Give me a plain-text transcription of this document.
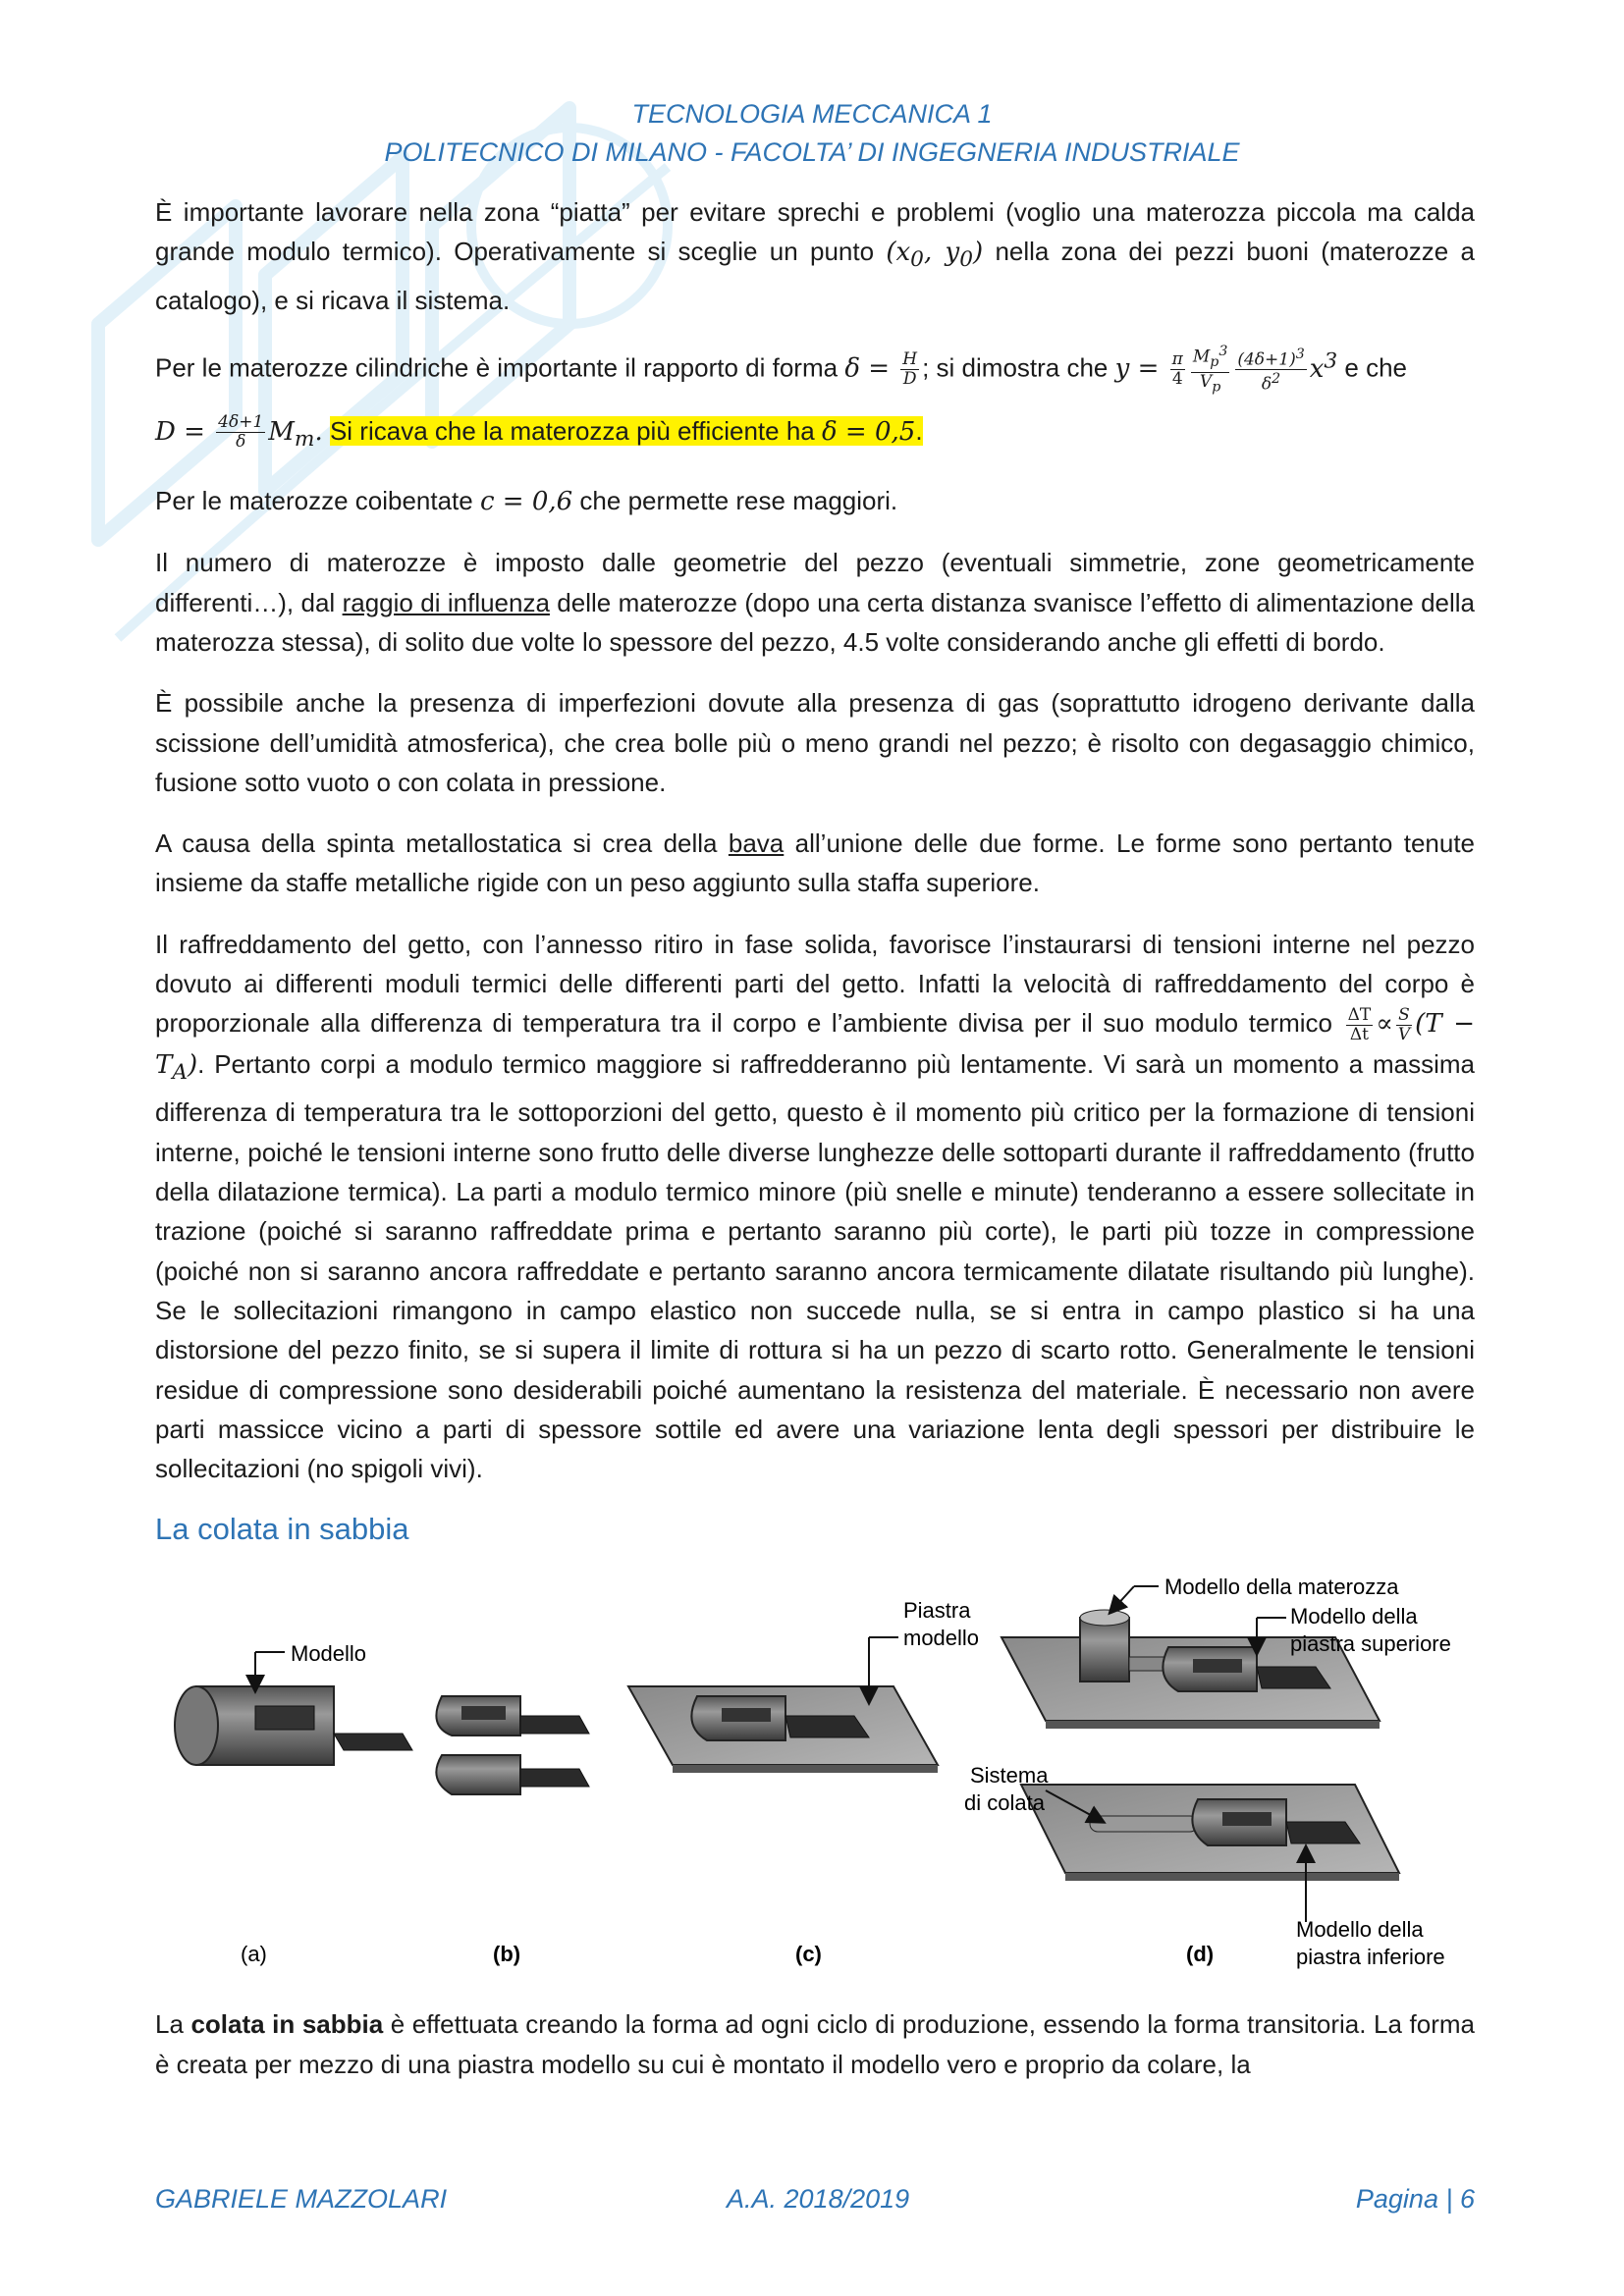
TECNOLOGIA MECCANICA 1
POLITECNICO DI MILANO - FACOLTA’ DI INGEGNERIA INDUSTRIALE

È importante lavorare nella zona “piatta” per evitare sprechi e problemi (voglio una materozza piccola ma calda grande modulo termico). Operativamente si sceglie un punto ($x_0$, $y_0$) nella zona dei pezzi buoni (materozze a catalogo), e si ricava il sistema.

Per le materozze cilindriche è importante il rapporto di forma $\delta = \frac{H}{D}$ ; si dimostra che $y = \frac{\pi}{4} \frac{M_p^3}{V_p} \frac{(4\delta+1)^3}{\delta^2} x^3$ e che

$D = \frac{4\delta+1}{\delta} M_m$. Si ricava che la materozza più efficiente ha δ = 0,5.

Per le materozze coibentate c = 0,6 che permette rese maggiori.

Il numero di materozze è imposto dalle geometrie del pezzo (eventuali simmetrie, zone geometricamente differenti…), dal raggio di influenza delle materozze (dopo una certa distanza svanisce l’effetto di alimentazione della materozza stessa), di solito due volte lo spessore del pezzo, 4.5 volte considerando anche gli effetti di bordo.

È possibile anche la presenza di imperfezioni dovute alla presenza di gas (soprattutto idrogeno derivante dalla scissione dell’umidità atmosferica), che crea bolle più o meno grandi nel pezzo; è risolto con degasaggio chimico, fusione sotto vuoto o con colata in pressione.

A causa della spinta metallostatica si crea della bava all’unione delle due forme. Le forme sono pertanto tenute insieme da staffe metalliche rigide con un peso aggiunto sulla staffa superiore.

Il raffreddamento del getto, con l’annesso ritiro in fase solida, favorisce l’instaurarsi di tensioni interne nel pezzo dovuto ai differenti moduli termici delle differenti parti del getto. Infatti la velocità di raffreddamento del corpo è proporzionale alla differenza di temperatura tra il corpo e l’ambiente divisa per il suo modulo termico $\frac{\Delta T}{\Delta t} \propto \frac{S}{V} (T - T_A)$. Pertanto corpi a modulo termico maggiore si raffredderanno più lentamente. Vi sarà un momento a massima differenza di temperatura tra le sottoporzioni del getto, questo è il momento più critico per la formazione di tensioni interne, poiché le tensioni interne sono frutto delle diverse lunghezze delle sottoparti durante il raffreddamento (frutto della dilatazione termica). La parti a modulo termico minore (più snelle e minute) tenderanno a essere sollecitate in trazione (poiché si saranno raffreddate prima e pertanto saranno più corte), le parti più tozze in compressione (poiché non si saranno ancora raffreddate e pertanto saranno ancora termicamente dilatate risultando più lunghe). Se le sollecitazioni rimangono in campo elastico non succede nulla, se si entra in campo plastico si ha una distorsione del pezzo finito, se si supera il limite di rottura si ha un pezzo di scarto rotto. Generalmente le tensioni residue di compressione sono desiderabili poiché aumentano la resistenza del materiale. È necessario non avere parti massicce vicino a parti di spessore sottile ed avere una variazione lenta degli spessori per distribuire le sollecitazioni (no spigoli vivi).

La colata in sabbia
Modello
(a)	(b)
Piastra
modello
(c)
Modello della materozza
Modello della
piastra superiore
Sistema
di colata
Modello della
piastra inferiore
(d)

La colata in sabbia è effettuata creando la forma ad ogni ciclo di produzione, essendo la forma transitoria. La forma è creata per mezzo di una piastra modello su cui è montato il modello vero e proprio da colare, la

GABRIELE MAZZOLARI	A.A. 2018/2019	Pagina | 6
